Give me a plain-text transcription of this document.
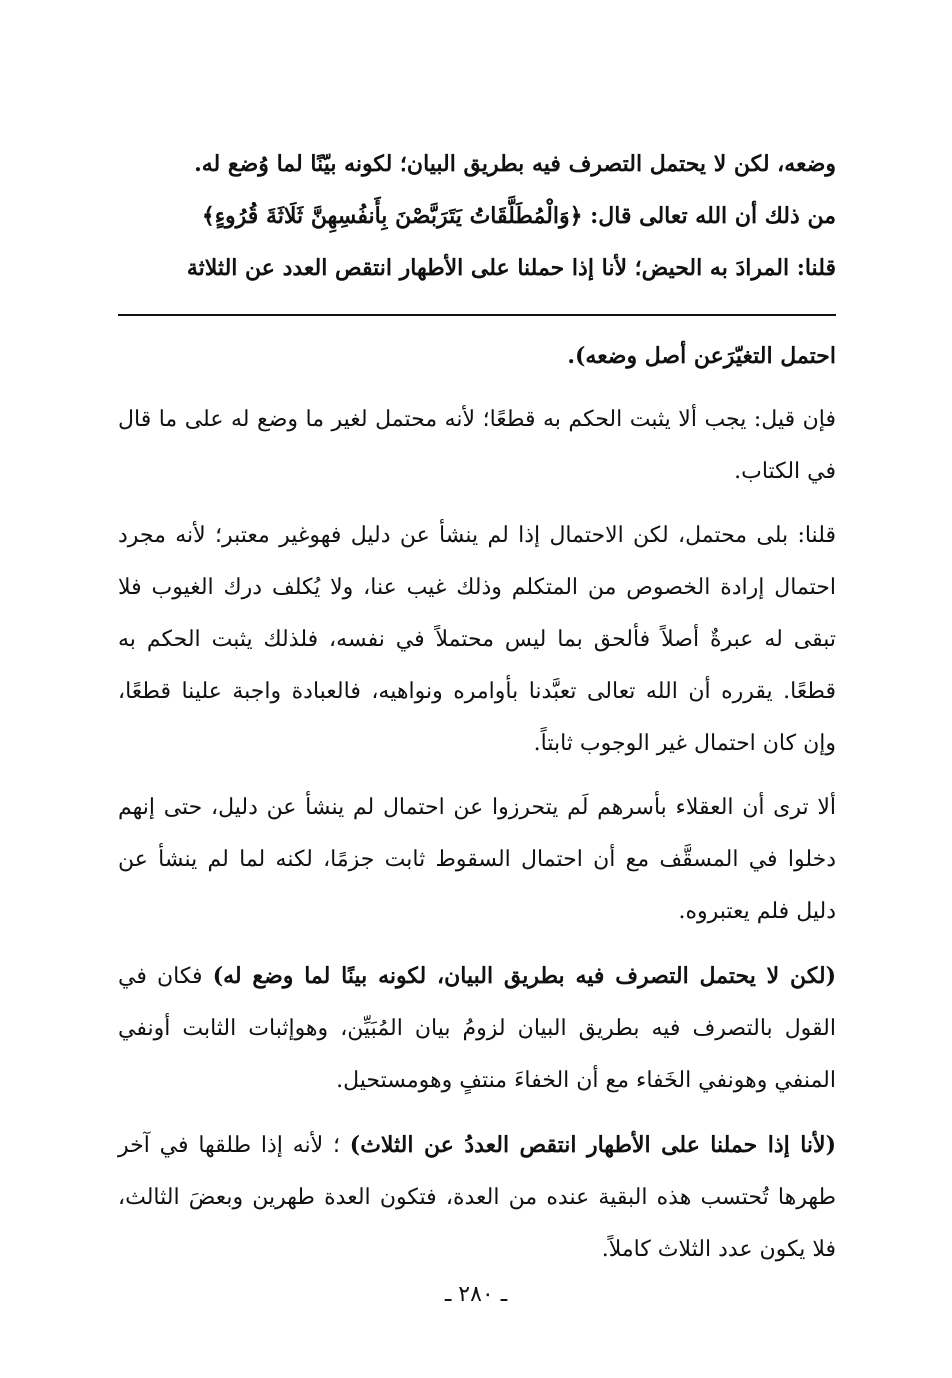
وضعه، لكن لا يحتمل التصرف فيه بطريق البيان؛ لكونه بيّنًا لما وُضع له.
من ذلك أن الله تعالى قال: ﴿وَالْمُطَلَّقَاتُ يَتَرَبَّصْنَ بِأَنفُسِهِنَّ ثَلَاثَةَ قُرُوءٍ﴾
قلنا: المرادَ به الحيض؛ لأنا إذا حملنا على الأطهار انتقص العدد عن الثلاثة

احتمل التغيّرَعن أصل وضعه).

فإن قيل: يجب ألا يثبت الحكم به قطعًا؛ لأنه محتمل لغير ما وضع له على ما قال في الكتاب.

قلنا: بلى محتمل، لكن الاحتمال إذا لم ينشأ عن دليل فهوغير معتبر؛ لأنه مجرد احتمال إرادة الخصوص من المتكلم وذلك غيب عنا، ولا يُكلف درك الغيوب فلا تبقى له عبرةٌ أصلاً فألحق بما ليس محتملاً في نفسه، فلذلك يثبت الحكم به قطعًا. يقرره أن الله تعالى تعبَّدنا بأوامره ونواهيه، فالعبادة واجبة علينا قطعًا، وإن كان احتمال غير الوجوب ثابتاً.

ألا ترى أن العقلاء بأسرهم لَم يتحرزوا عن احتمال لم ينشأ عن دليل، حتى إنهم دخلوا في المسقَّف مع أن احتمال السقوط ثابت جزمًا، لكنه لما لم ينشأ عن دليل فلم يعتبروه.

(لكن لا يحتمل التصرف فيه بطريق البيان، لكونه بينًا لما وضع له) فكان في القول بالتصرف فيه بطريق البيان لزومُ بيان المُبَيِّن، وهوإثبات الثابت أونفي المنفي وهونفي الخَفاء مع أن الخفاءَ منتفٍ وهومستحيل.

(لأنا إذا حملنا على الأطهار انتقص العددُ عن الثلاث) ؛ لأنه إذا طلقها في آخر طهرها تُحتسب هذه البقية عنده من العدة، فتكون العدة طهرين وبعضَ الثالث، فلا يكون عدد الثلاث كاملاً.

ـ ٢٨٠ ـ
